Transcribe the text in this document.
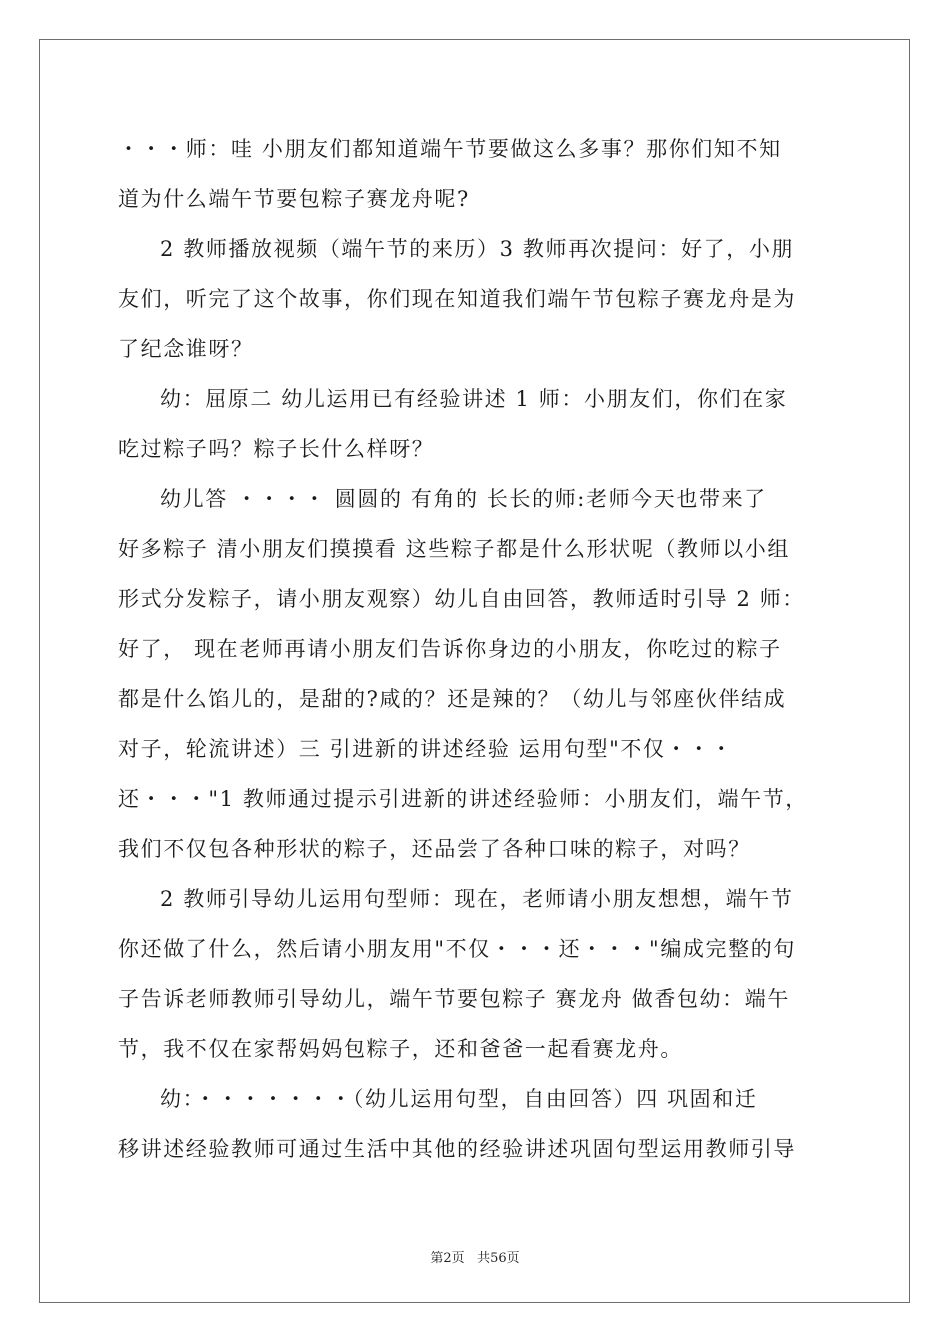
・・・师：哇 小朋友们都知道端午节要做这么多事？那你们知不知
道为什么端午节要包粽子赛龙舟呢?
2 教师播放视频（端午节的来历）3 教师再次提问：好了，小朋
友们，听完了这个故事，你们现在知道我们端午节包粽子赛龙舟是为
了纪念谁呀？
幼：屈原二 幼儿运用已有经验讲述 1 师：小朋友们，你们在家
吃过粽子吗？粽子长什么样呀？
幼儿答 ・・・・ 圆圆的 有角的 长长的师:老师今天也带来了
好多粽子 清小朋友们摸摸看 这些粽子都是什么形状呢（教师以小组
形式分发粽子，请小朋友观察）幼儿自由回答，教师适时引导 2 师：
好了， 现在老师再请小朋友们告诉你身边的小朋友，你吃过的粽子
都是什么馅儿的，是甜的?咸的？还是辣的？（幼儿与邻座伙伴结成
对子，轮流讲述）三 引进新的讲述经验 运用句型"不仅・・・
还・・・"1 教师通过提示引进新的讲述经验师：小朋友们，端午节，
我们不仅包各种形状的粽子，还品尝了各种口味的粽子，对吗？
2 教师引导幼儿运用句型师：现在，老师请小朋友想想，端午节
你还做了什么，然后请小朋友用"不仅・・・还・・・"编成完整的句
子告诉老师教师引导幼儿，端午节要包粽子 赛龙舟 做香包幼：端午
节，我不仅在家帮妈妈包粽子，还和爸爸一起看赛龙舟。
幼：・・・・・・・（幼儿运用句型，自由回答）四 巩固和迁
移讲述经验教师可通过生活中其他的经验讲述巩固句型运用教师引导
第2页 共56页
